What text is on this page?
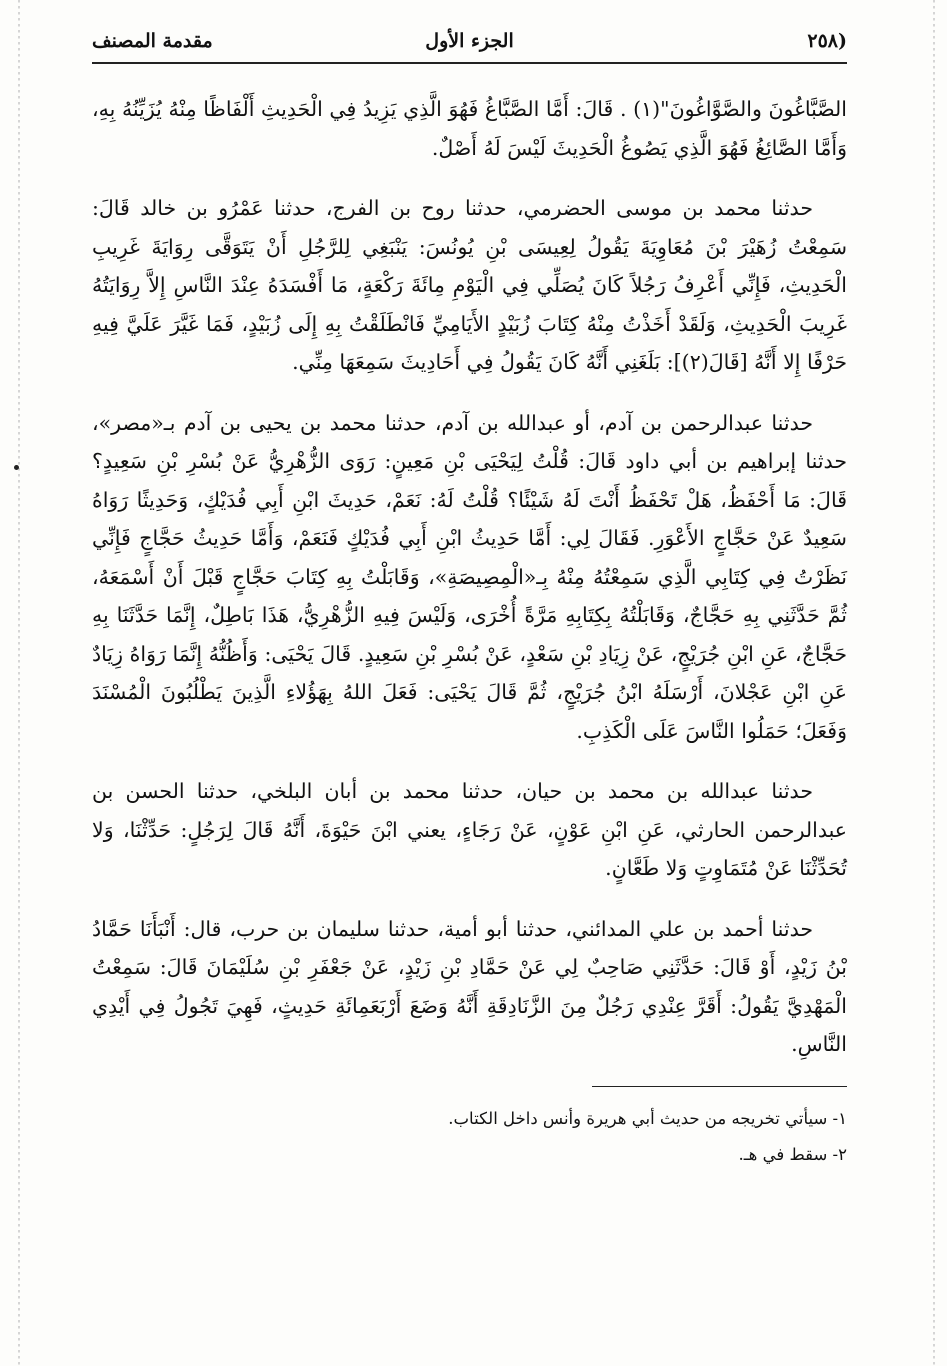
(٢٥٨
الجزء الأول
مقدمة المصنف

الصَّبَّاغُونَ والصَّوَّاغُونَ"(١) . قَالَ: أَمَّا الصَّبَّاغُ فَهُوَ الَّذِي يَزِيدُ فِي الْحَدِيثِ أَلْفَاظًا مِنْهُ يُزَيِّنُهُ بِهِ، وَأَمَّا الصَّائِغُ فَهُوَ الَّذِي يَصُوغُ الْحَدِيثَ لَيْسَ لَهُ أَصْلٌ.

حدثنا محمد بن موسى الحضرمي، حدثنا روح بن الفرج، حدثنا عَمْرُو بن خالد قَالَ: سَمِعْتُ زُهَيْرَ بْنَ مُعَاوِيَةَ يَقُولُ لِعِيسَى بْنِ يُونُسَ: يَنْبَغِي لِلرَّجُلِ أَنْ يَتَوَقَّى رِوَايَةَ غَرِيبِ الْحَدِيثِ، فَإِنِّي أَعْرِفُ رَجُلاً كَانَ يُصَلِّي فِي الْيَوْمِ مِائَةَ رَكْعَةٍ، مَا أَفْسَدَهُ عِنْدَ النَّاسِ إِلاَّ رِوَايَتُهُ غَرِيبَ الْحَدِيثِ، وَلَقَدْ أَخَذْتُ مِنْهُ كِتَابَ زُبَيْدٍ الأَيَامِيِّ فَانْطَلَقْتُ بِهِ إِلَى زُبَيْدٍ، فَمَا غَيَّرَ عَلَيَّ فِيهِ حَرْفًا إِلا أَنَّهُ [قَالَ(٢)]: بَلَغَنِي أَنَّهُ كَانَ يَقُولُ فِي أَحَادِيثَ سَمِعَهَا مِنِّي.

حدثنا عبدالرحمن بن آدم، أو عبدالله بن آدم، حدثنا محمد بن يحيى بن آدم بـ«مصر»، حدثنا إبراهيم بن أبي داود قَالَ: قُلْتُ لِيَحْيَى بْنِ مَعِينٍ: رَوَى الزُّهْرِيُّ عَنْ بُسْرِ بْنِ سَعِيدٍ؟ قَالَ: مَا أَحْفَظُ، هَلْ تَحْفَظُ أَنْتَ لَهُ شَيْئًا؟ قُلْتُ لَهُ: نَعَمْ، حَدِيثَ ابْنِ أَبِي فُدَيْكٍ، وَحَدِيثًا رَوَاهُ سَعِيدٌ عَنْ حَجَّاجٍ الأَعْوَرِ. فَقَالَ لِي: أَمَّا حَدِيثُ ابْنِ أَبِي فُدَيْكٍ فَنَعَمْ، وَأَمَّا حَدِيثُ حَجَّاجٍ فَإِنِّي نَظَرْتُ فِي كِتَابِي الَّذِي سَمِعْتُهُ مِنْهُ بِـ«الْمِصِيصَةِ»، وَقَابَلْتُ بِهِ كِتَابَ حَجَّاجٍ قَبْلَ أَنْ أَسْمَعَهُ، ثُمَّ حَدَّثَنِي بِهِ حَجَّاجٌ، وَقَابَلْتُهُ بِكِتَابِهِ مَرَّةً أُخْرَى، وَلَيْسَ فِيهِ الزُّهْرِيُّ، هَذَا بَاطِلٌ، إِنَّمَا حَدَّثَنَا بِهِ حَجَّاجٌ، عَنِ ابْنِ جُرَيْجٍ، عَنْ زِيَادِ بْنِ سَعْدٍ، عَنْ بُسْرِ بْنِ سَعِيدٍ. قَالَ يَحْيَى: وَأَظُنُّهُ إِنَّمَا رَوَاهُ زِيَادٌ عَنِ ابْنِ عَجْلانَ، أَرْسَلَهُ ابْنُ جُرَيْجٍ، ثُمَّ قَالَ يَحْيَى: فَعَلَ اللهُ بِهَؤُلاءِ الَّذِينَ يَطْلُبُونَ الْمُسْنَدَ وَفَعَلَ؛ حَمَلُوا النَّاسَ عَلَى الْكَذِبِ.

حدثنا عبدالله بن محمد بن حيان، حدثنا محمد بن أبان البلخي، حدثنا الحسن بن عبدالرحمن الحارثي، عَنِ ابْنِ عَوْنٍ، عَنْ رَجَاءٍ، يعني ابْنَ حَيْوَةَ، أَنَّهُ قَالَ لِرَجُلٍ: حَدِّثْنَا، وَلا تُحَدِّثْنَا عَنْ مُتَمَاوِتٍ وَلا طَعَّانٍ.

حدثنا أحمد بن علي المدائني، حدثنا أبو أمية، حدثنا سليمان بن حرب، قال: أَنْبَأَنَا حَمَّادُ بْنُ زَيْدٍ، أَوْ قَالَ: حَدَّثَنِي صَاحِبٌ لِي عَنْ حَمَّادِ بْنِ زَيْدٍ، عَنْ جَعْفَرِ بْنِ سُلَيْمَانَ قَالَ: سَمِعْتُ الْمَهْدِيَّ يَقُولُ: أَقَرَّ عِنْدِي رَجُلٌ مِنَ الزَّنَادِقَةِ أَنَّهُ وَضَعَ أَرْبَعَمِائَةِ حَدِيثٍ، فَهِيَ تَجُولُ فِي أَيْدِي النَّاسِ.

١- سيأتي تخريجه من حديث أبي هريرة وأنس داخل الكتاب.

٢- سقط في هـ.
